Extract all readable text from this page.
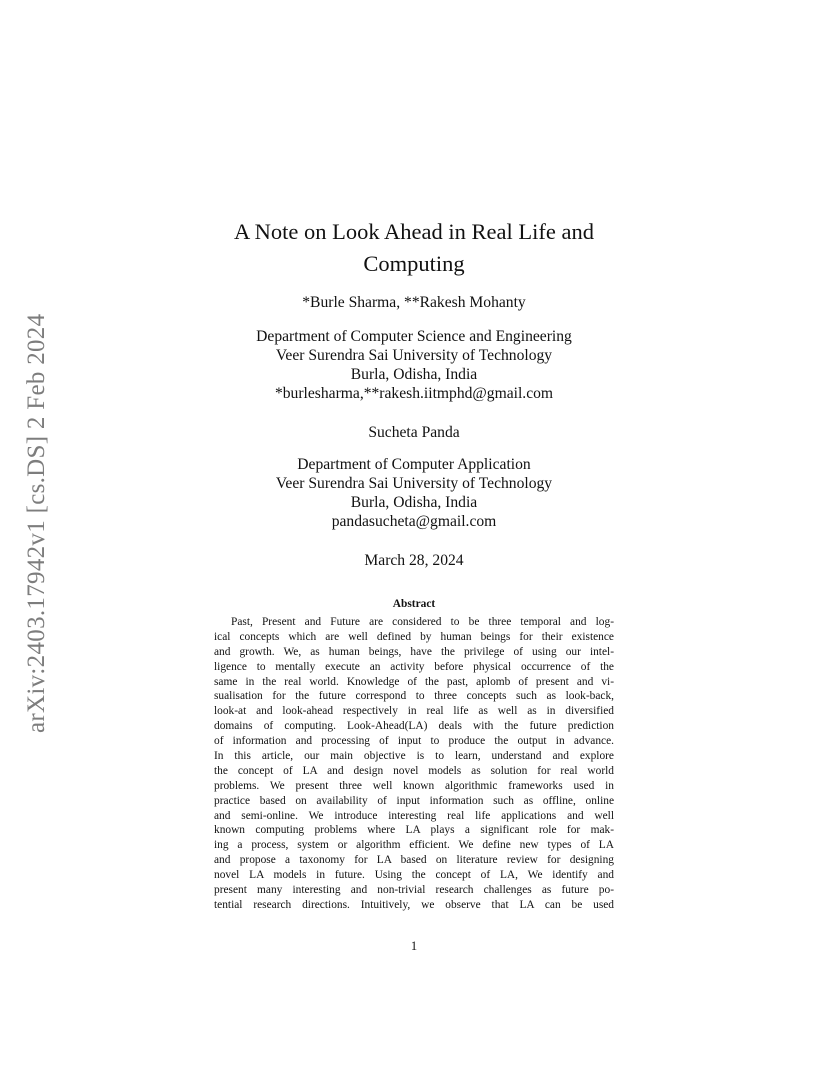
arXiv:2403.17942v1 [cs.DS] 2 Feb 2024
A Note on Look Ahead in Real Life and
Computing
*Burle Sharma, **Rakesh Mohanty
Department of Computer Science and Engineering
Veer Surendra Sai University of Technology
Burla, Odisha, India
*burlesharma,**rakesh.iitmphd@gmail.com
Sucheta Panda
Department of Computer Application
Veer Surendra Sai University of Technology
Burla, Odisha, India
pandasucheta@gmail.com
March 28, 2024
Abstract
Past, Present and Future are considered to be three temporal and log-
ical concepts which are well defined by human beings for their existence
and growth. We, as human beings, have the privilege of using our intel-
ligence to mentally execute an activity before physical occurrence of the
same in the real world. Knowledge of the past, aplomb of present and vi-
sualisation for the future correspond to three concepts such as look-back,
look-at and look-ahead respectively in real life as well as in diversified
domains of computing. Look-Ahead(LA) deals with the future prediction
of information and processing of input to produce the output in advance.
In this article, our main objective is to learn, understand and explore
the concept of LA and design novel models as solution for real world
problems. We present three well known algorithmic frameworks used in
practice based on availability of input information such as offline, online
and semi-online. We introduce interesting real life applications and well
known computing problems where LA plays a significant role for mak-
ing a process, system or algorithm efficient. We define new types of LA
and propose a taxonomy for LA based on literature review for designing
novel LA models in future. Using the concept of LA, We identify and
present many interesting and non-trivial research challenges as future po-
tential research directions. Intuitively, we observe that LA can be used
1
